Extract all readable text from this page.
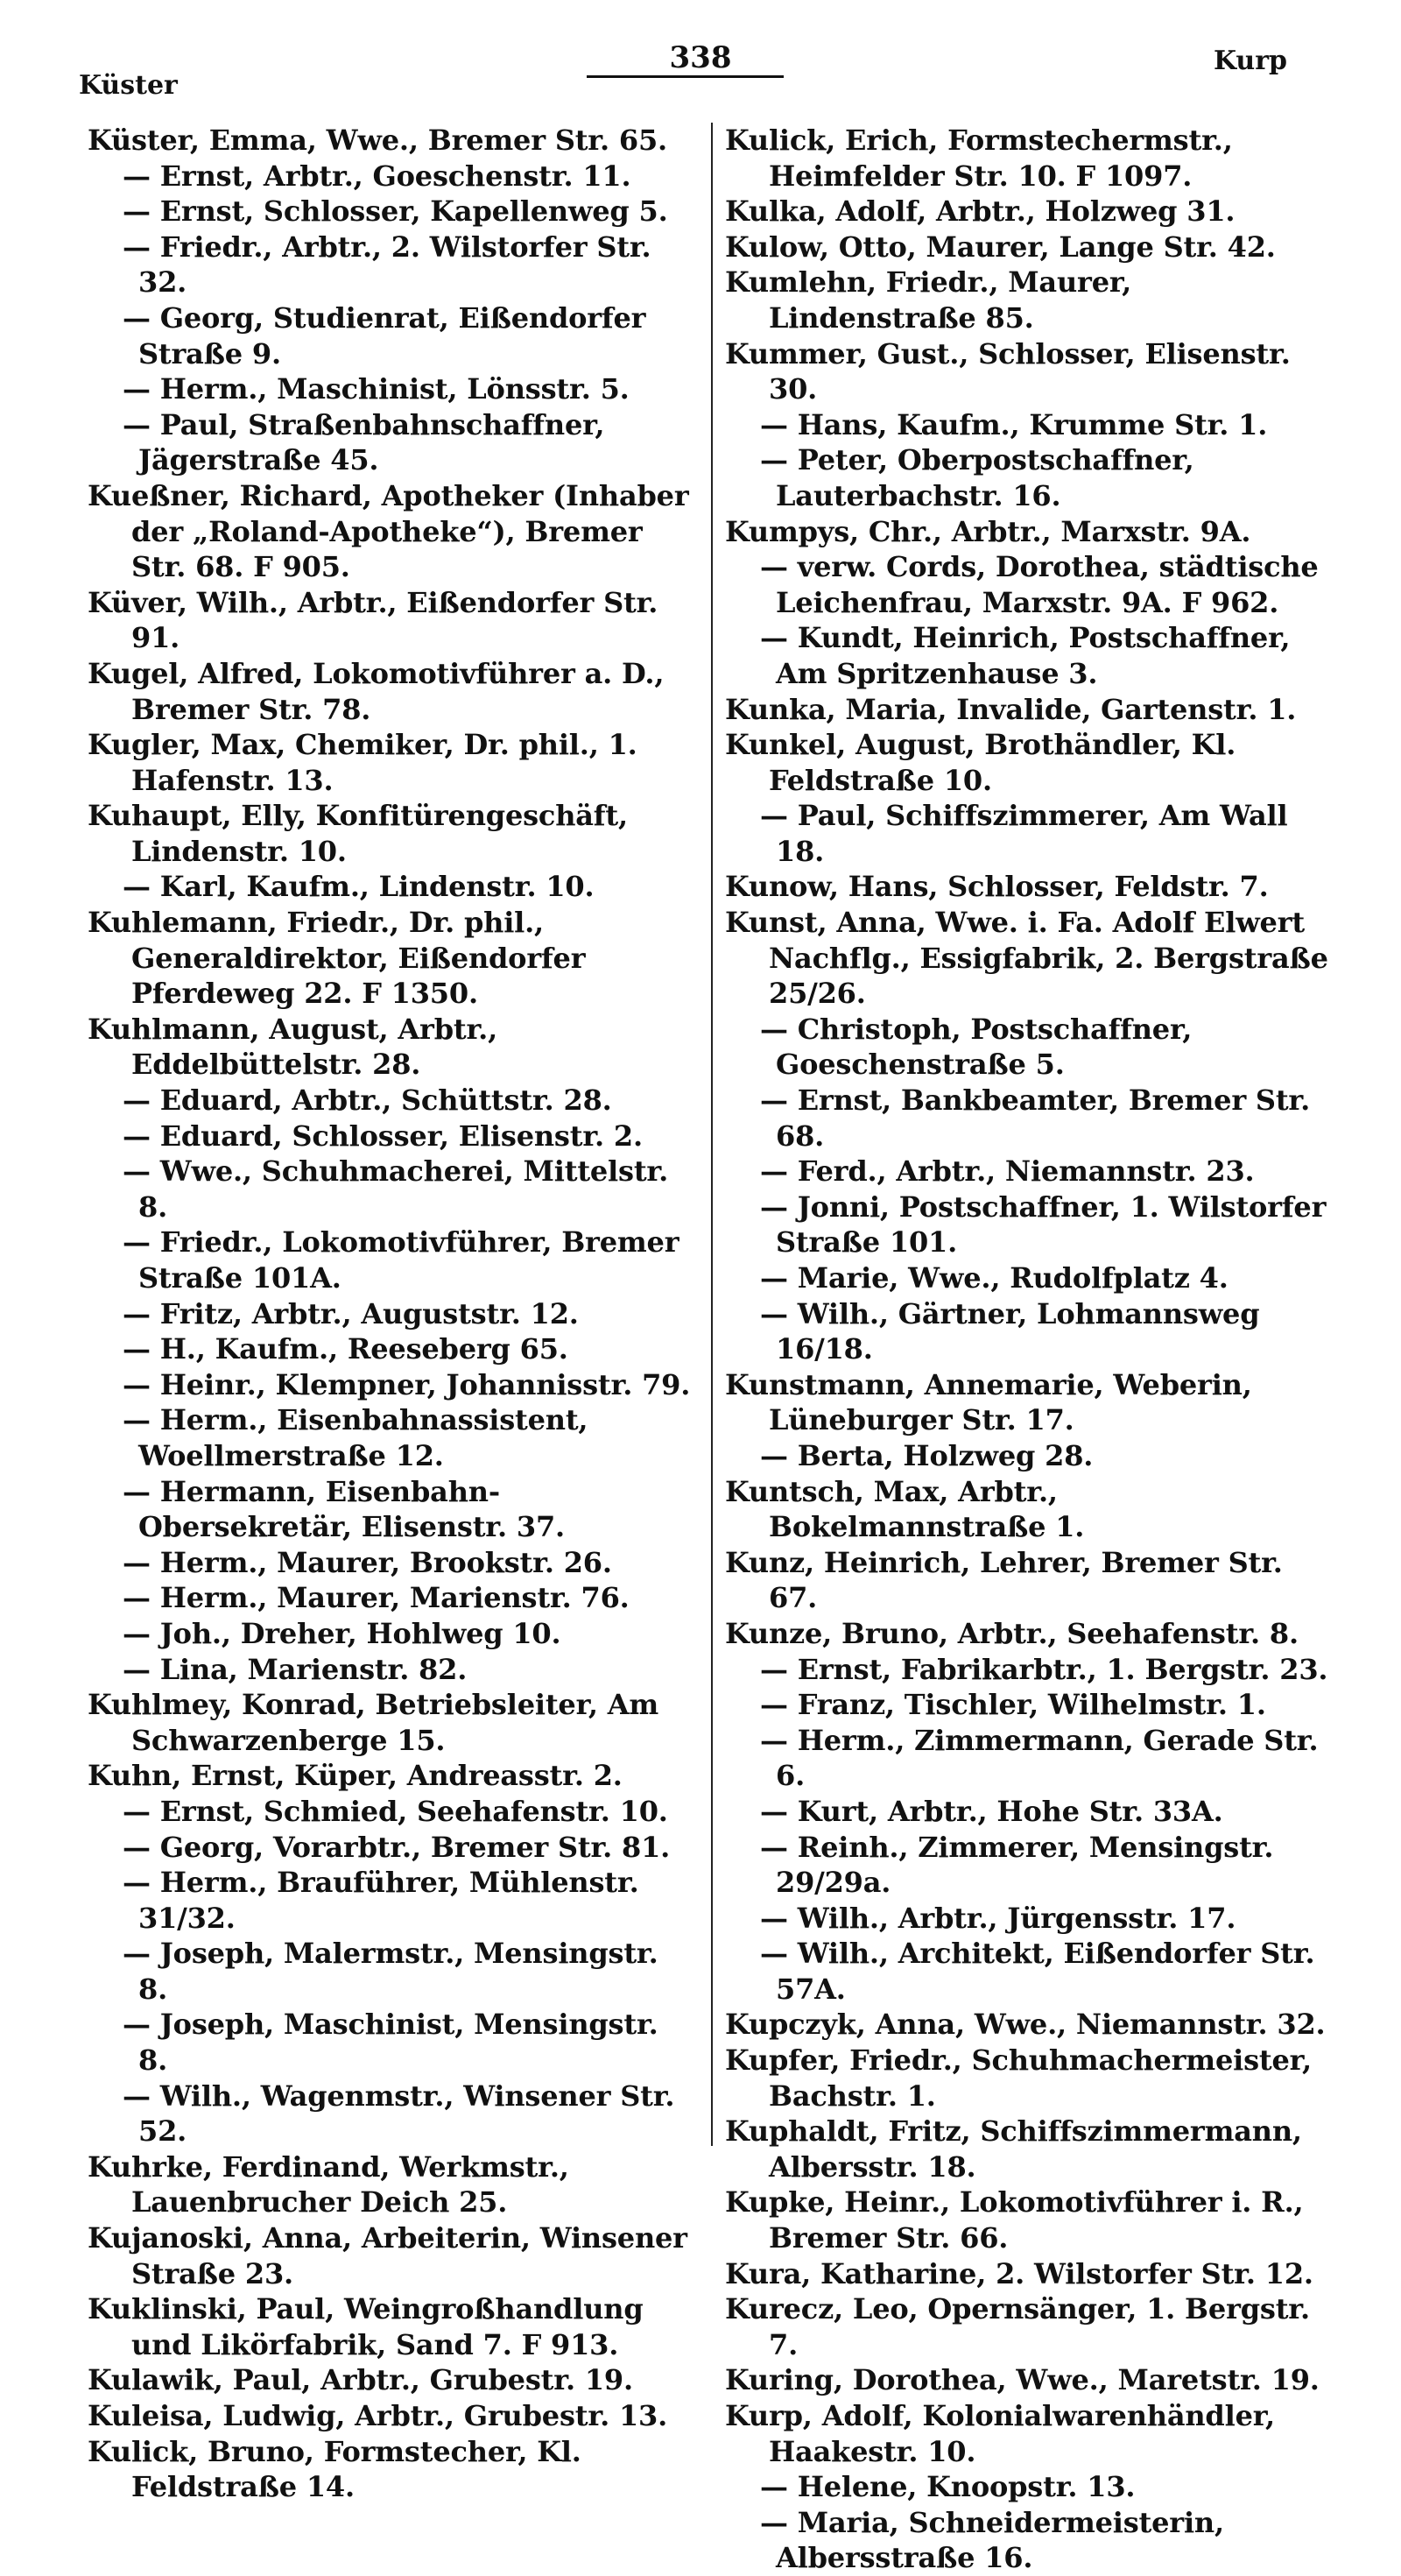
Küster
338	Kurp
Küster, Emma, Wwe., Bremer Str. 65.
— Ernst, Arbtr., Goeschenstr. 11.
— Ernst, Schlosser, Kapellenweg 5.
— Friedr., Arbtr., 2. Wilstorfer Str. 32.
— Georg, Studienrat, Eißendorfer Straße 9.
— Herm., Maschinist, Lönsstr. 5.
— Paul, Straßenbahnschaffner, Jägerstraße 45.
Kueßner, Richard, Apotheker (Inhaber der „Roland-Apotheke“), Bremer Str. 68. F 905.
Küver, Wilh., Arbtr., Eißendorfer Str. 91.
Kugel, Alfred, Lokomotivführer a. D., Bremer Str. 78.
Kugler, Max, Chemiker, Dr. phil., 1. Hafenstr. 13.
Kuhaupt, Elly, Konfitürengeschäft, Lindenstr. 10.
— Karl, Kaufm., Lindenstr. 10.
Kuhlemann, Friedr., Dr. phil., Generaldirektor, Eißendorfer Pferdeweg 22. F 1350.
Kuhlmann, August, Arbtr., Eddelbüttelstr. 28.
— Eduard, Arbtr., Schüttstr. 28.
— Eduard, Schlosser, Elisenstr. 2.
— Wwe., Schuhmacherei, Mittelstr. 8.
— Friedr., Lokomotivführer, Bremer Straße 101A.
— Fritz, Arbtr., Auguststr. 12.
— H., Kaufm., Reeseberg 65.
— Heinr., Klempner, Johannisstr. 79.
— Herm., Eisenbahnassistent, Woellmerstraße 12.
— Hermann, Eisenbahn-Obersekretär, Elisenstr. 37.
— Herm., Maurer, Brookstr. 26.
— Herm., Maurer, Marienstr. 76.
— Joh., Dreher, Hohlweg 10.
— Lina, Marienstr. 82.
Kuhlmey, Konrad, Betriebsleiter, Am Schwarzenberge 15.
Kuhn, Ernst, Küper, Andreasstr. 2.
— Ernst, Schmied, Seehafenstr. 10.
— Georg, Vorarbtr., Bremer Str. 81.
— Herm., Brauführer, Mühlenstr. 31/32.
— Joseph, Malermstr., Mensingstr. 8.
— Joseph, Maschinist, Mensingstr. 8.
— Wilh., Wagenmstr., Winsener Str. 52.
Kuhrke, Ferdinand, Werkmstr., Lauenbrucher Deich 25.
Kujanoski, Anna, Arbeiterin, Winsener Straße 23.
Kuklinski, Paul, Weingroßhandlung und Likörfabrik, Sand 7. F 913.
Kulawik, Paul, Arbtr., Grubestr. 19.
Kuleisa, Ludwig, Arbtr., Grubestr. 13.
Kulick, Bruno, Formstecher, Kl. Feldstraße 14.
Kulick, Erich, Formstechermstr., Heimfelder Str. 10. F 1097.
Kulka, Adolf, Arbtr., Holzweg 31.
Kulow, Otto, Maurer, Lange Str. 42.
Kumlehn, Friedr., Maurer, Lindenstraße 85.
Kummer, Gust., Schlosser, Elisenstr. 30.
— Hans, Kaufm., Krumme Str. 1.
— Peter, Oberpostschaffner, Lauterbachstr. 16.
Kumpys, Chr., Arbtr., Marxstr. 9A.
— verw. Cords, Dorothea, städtische Leichenfrau, Marxstr. 9A. F 962.
— Kundt, Heinrich, Postschaffner, Am Spritzenhause 3.
Kunka, Maria, Invalide, Gartenstr. 1.
Kunkel, August, Brothändler, Kl. Feldstraße 10.
— Paul, Schiffszimmerer, Am Wall 18.
Kunow, Hans, Schlosser, Feldstr. 7.
Kunst, Anna, Wwe. i. Fa. Adolf Elwert Nachflg., Essigfabrik, 2. Bergstraße 25/26.
— Christoph, Postschaffner, Goeschenstraße 5.
— Ernst, Bankbeamter, Bremer Str. 68.
— Ferd., Arbtr., Niemannstr. 23.
— Jonni, Postschaffner, 1. Wilstorfer Straße 101.
— Marie, Wwe., Rudolfplatz 4.
— Wilh., Gärtner, Lohmannsweg 16/18.
Kunstmann, Annemarie, Weberin, Lüneburger Str. 17.
— Berta, Holzweg 28.
Kuntsch, Max, Arbtr., Bokelmannstraße 1.
Kunz, Heinrich, Lehrer, Bremer Str. 67.
Kunze, Bruno, Arbtr., Seehafenstr. 8.
— Ernst, Fabrikarbtr., 1. Bergstr. 23.
— Franz, Tischler, Wilhelmstr. 1.
— Herm., Zimmermann, Gerade Str. 6.
— Kurt, Arbtr., Hohe Str. 33A.
— Reinh., Zimmerer, Mensingstr. 29/29a.
— Wilh., Arbtr., Jürgensstr. 17.
— Wilh., Architekt, Eißendorfer Str. 57A.
Kupczyk, Anna, Wwe., Niemannstr. 32.
Kupfer, Friedr., Schuhmachermeister, Bachstr. 1.
Kuphaldt, Fritz, Schiffszimmermann, Albersstr. 18.
Kupke, Heinr., Lokomotivführer i. R., Bremer Str. 66.
Kura, Katharine, 2. Wilstorfer Str. 12.
Kurecz, Leo, Opernsänger, 1. Bergstr. 7.
Kuring, Dorothea, Wwe., Maretstr. 19.
Kurp, Adolf, Kolonialwarenhändler, Haakestr. 10.
— Helene, Knoopstr. 13.
— Maria, Schneidermeisterin, Albersstraße 16.
